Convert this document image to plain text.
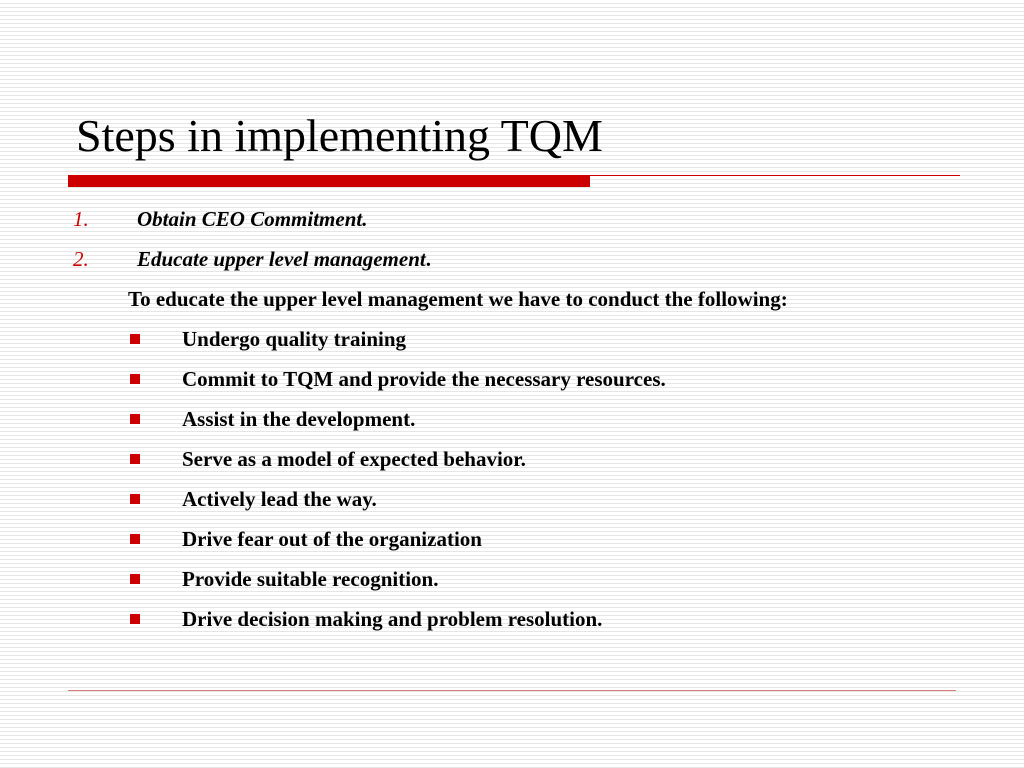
Steps in implementing TQM
1. Obtain CEO Commitment.
2. Educate upper level management.
To educate the upper level management we have to conduct the following:
Undergo quality training
Commit to TQM and provide the necessary resources.
Assist in the development.
Serve as a model of expected behavior.
Actively lead the way.
Drive fear out of the organization
Provide suitable recognition.
Drive decision making and problem resolution.
